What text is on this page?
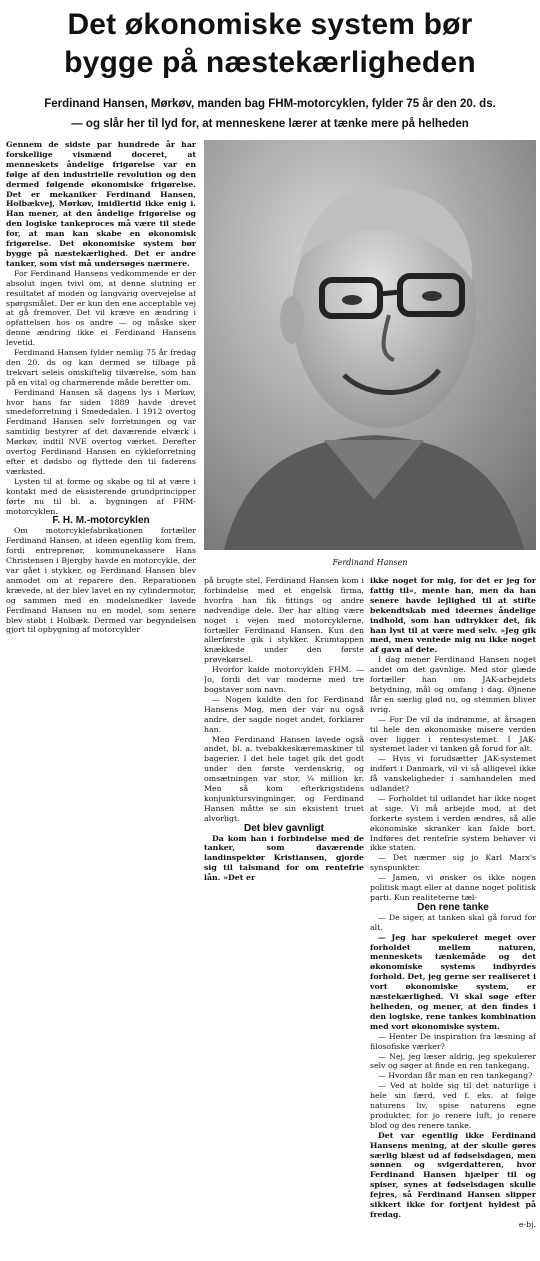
Det økonomiske system bør
bygge på næstekærligheden
Ferdinand Hansen, Mørkøv, manden bag FHM-motorcyklen, fylder 75 år den 20. ds.
— og slår her til lyd for, at menneskene lærer at tænke mere på helheden

Gennem de sidste par hundrede år har forskellige vismænd doceret, at menneskets åndelige frigørelse var en følge af den industrielle revolution og den dermed følgende økonomiske frigørelse. Det er mekaniker Ferdinand Hansen, Holbækvej, Mørkøv, imidlertid ikke enig i. Han mener, at den åndelige frigørelse og den logiske tankeproces må være til stede for, at man kan skabe en økonomisk frigørelse. Det økonomiske system bør bygge på næstekærlighed. Det er andre tanker, som vist må undersøges nærmere.

For Ferdinand Hansens vedkommende er der absolut ingen tvivl om, at denne slutning er resultatet af moden og langvarig overvejelse af spørgsmålet. Der er kun den ene acceptable vej at gå fremover. Det vil kræve en ændring i opfattelsen hos os andre — og måske sker denne ændring ikke ei Ferdinand Hansens levetid.

Ferdinand Hansen fylder nemlig 75 år fredag den 20. ds og kan dermed se tilbage på trekvart seleis omskiftelig tilværelse, som han på en vital og charmerende måde beretter om.

Ferdinand Hansen så dagens lys i Mørkøv, hvor hans far siden 1889 havde drevet smedeforretning i Smededalen. I 1912 overtog Ferdinand Hansen selv forretningen og var samtidig bestyrer af det daværende elværk i Mørkøv, indtil NVE overtog værket. Derefter overtog Ferdinand Hansen en cykleforretning efter et dødsbo og flyttede den til faderens værksted.

Lysten til at forme og skabe og til at være i kontakt med de eksisterende grundprincipper førte nu til bl. a. bygningen af FHM-motorcyklen.

F. H. M.-motorcyklen

Om motorcyklefabrikationen fortæller Ferdinand Hansen, at ideen egentlig kom frem, fordi entreprenør, kommunekassere Hans Christensen i Bjergby havde en motorcykle, der var gået i stykker, og Ferdinand Hansen blev anmodet om at reparere den. Reparationen krævede, at der blev lavet en ny cylindermotor, og sammen med en modelsnedker lavede Ferdinand Hansen nu en model, som senere blev støbt i Holbæk. Dermed var begyndelsen gjort til opbygning af motorcykler

Ferdinand Hansen

på brugte stel, Ferdinand Hansen kom i forbindelse med et engelsk firma, hvorfra han fik fittings og andre nødvendige dele. Der har alting være noget i vejen med motorcyklerne, fortæller Ferdinand Hansen. Kun den allerførste gik i stykker. Krumtappen knækkede under den første prøvekørsel.

Hvorfor kalde motorcyklen FHM. — Jo, fordi det var moderne med tre bogstaver som navn.

— Nogen kaldte den for Ferdinand Hansens Møg, men der var nu også andre, der sagde noget andet, forklarer han.

Men Ferdinand Hansen lavede også andet, bl. a. tvebakkeskæremaskiner til bagerier. I det hele taget gik det godt under den første verdenskrig, og omsætningen var stor, ¼ million kr. Men så kom efterkrigstidens konjunktursvingninger, og Ferdinand Hansen måtte se sin eksistent truet alvorligt.

Det blev gavnligt

Da kom han i forbindelse med de tanker, som daværende landinspektør Kristiansen, gjorde sig til talsmand for om rentefrie lån. »Det er

ikke noget for mig, for det er jeg for fattig til«, mente han, men da han senere havde lejlighed til at stifte bekendtskab med ideernes åndelige indhold, som han udtrykker det, fik han lyst til at være med selv. »Jeg gik med, men ventede mig nu ikke noget af gavn af dete.

I dag mener Ferdinand Hansen noget andet om det gavnlige. Med stor glæde fortæller han om JAK-arbejdets betydning, mål og omfang i dag. Øjnene får en særlig glød nu, og stemmen bliver ivrig.

— For De vil da indrømme, at årsagen til hele den økonomiske misere verden over ligger i rentesystemet. I JAK-systemet lader vi tanken gå forud for alt.

— Hvis vi forudsætter JAK-systemet indført i Danmark, vil vi så alligevel ikke få vanskeligheder i samhandelen med udlandet?

— Forholdet til udlandet har ikke noget at sige. Vi må arbejde mod, at det forkerte system i verden ændres, så alle økonomiske skranker kan falde bort. Indføres det rentefrie system behøver vi ikke staten.

— Det nærmer sig jo Karl Marx's synspunkter.

— Jamen, vi ønsker os ikke nogen politisk magt eller at danne noget politisk parti. Kun realiteterne tæl-

Den rene tanke

— De siger, at tanken skal gå forud for alt.

— Jeg har spekuleret meget over forholdet mellem naturen, menneskets tænkemåde og det økonomiske systems indbyrdes forhold. Det, jeg gerne ser realiseret i vort økonomiske system, er næstekærlighed. Vi skal søge efter helheden, og mener, at den findes i den logiske, rene tankes kombination med vort økonomiske system.

— Henter De inspiration fra læsning af filosofiske værker?

— Nej, jeg læser aldrig, jeg spekulerer selv og søger at finde en ren tankegang.

— Hvordan får man en ren tankegang?

— Ved at holde sig til det naturlige i hele sin færd, ved f. eks. at følge naturens liv, spise naturens egne produkter, for jo renere luft, jo renere blod og des renere tanke.

Det var egentlig ikke Ferdinand Hansens mening, at der skulle gøres særlig blæst ud af fødselsdagen, men sønnen og svigerdatteren, hvor Ferdinand Hansen hjælper til og spiser, synes at fødselsdagen skulle fejres, så Ferdinand Hansen slipper sikkert ikke for fortjent hyldest på fredag.

e-bj.
